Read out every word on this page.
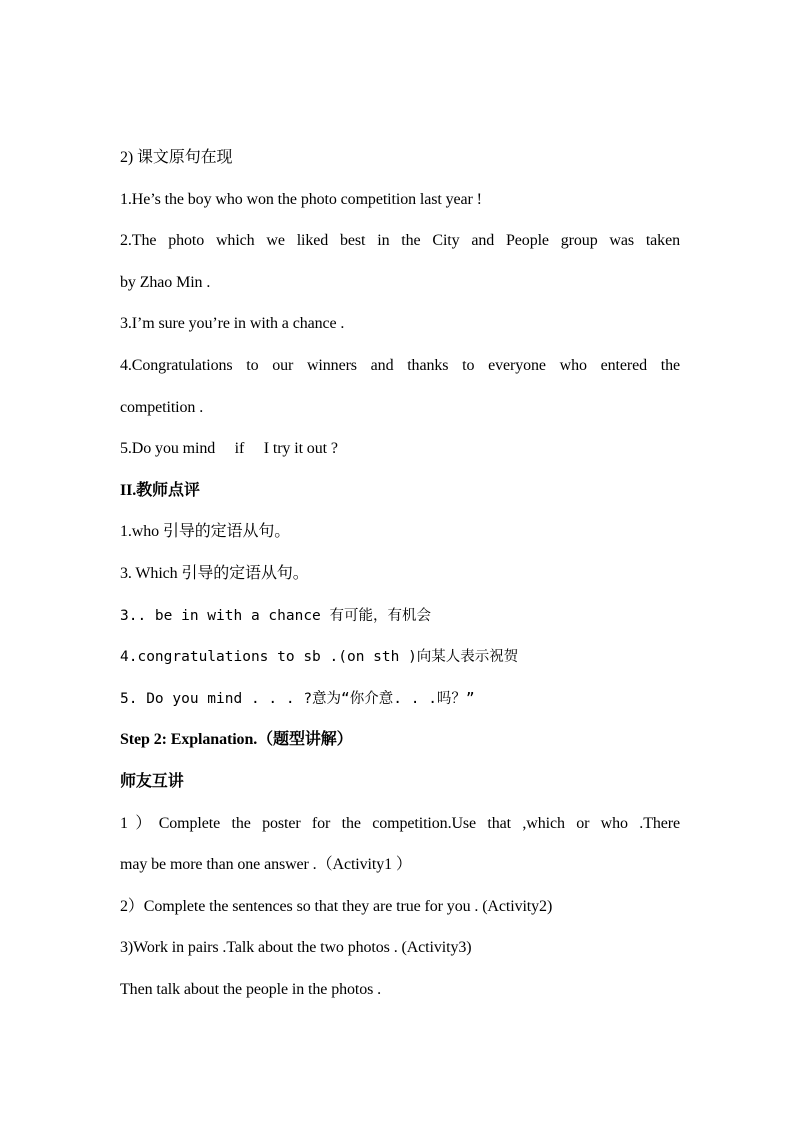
2) 课文原句在现
1.He’s the boy who won the photo competition last year !
2.The photo which we liked best in the City and People group was taken
by Zhao Min .
3.I’m sure you’re in with a chance .
4.Congratulations to our winners and thanks to everyone who entered the
competition .
5.Do you mind     if     I try it out ?
II.教师点评
1.who 引导的定语从句。
3. Which 引导的定语从句。
3.. be in with a chance 有可能，有机会
4.congratulations to sb .(on sth )向某人表示祝贺
5. Do you mind . . . ?意为“你介意. . .吗？”
Step 2: Explanation.（题型讲解）
师友互讲
1）Complete the poster for the competition.Use that ,which or who .There
may be more than one answer .（Activity1 ）
2）Complete the sentences so that they are true for you . (Activity2)
3)Work in pairs .Talk about the two photos . (Activity3)
Then talk about the people in the photos .
